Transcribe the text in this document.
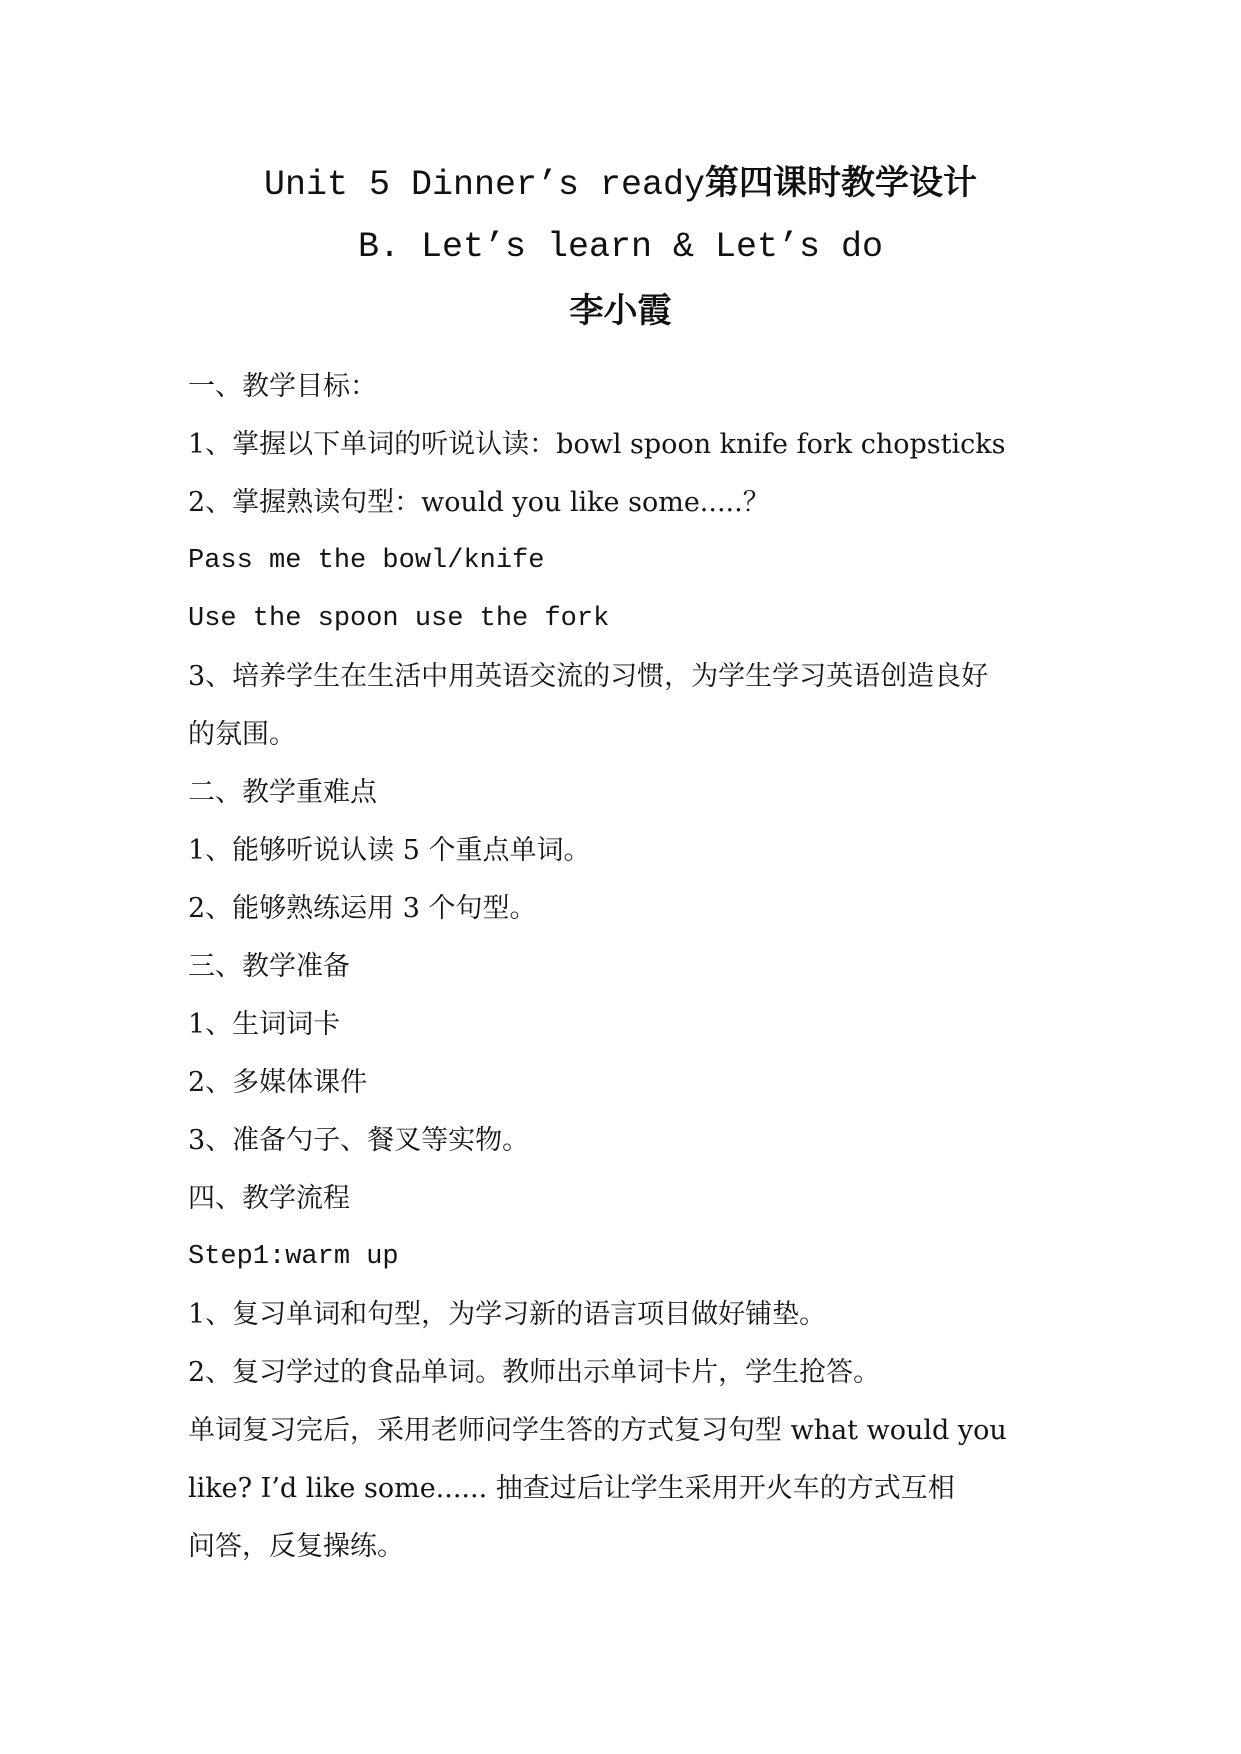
Unit 5 Dinner’s ready第四课时教学设计
B. Let’s learn & Let’s do
李小霞
一、教学目标：
1、掌握以下单词的听说认读：bowl spoon knife fork chopsticks
2、掌握熟读句型：would you like some.....？
Pass me the bowl/knife
Use the spoon use the fork
3、培养学生在生活中用英语交流的习惯，为学生学习英语创造良好
的氛围。
二、教学重难点
1、能够听说认读 5 个重点单词。
2、能够熟练运用 3 个句型。
三、教学准备
1、生词词卡
2、多媒体课件
3、准备勺子、餐叉等实物。
四、教学流程
Step1:warm up
1、复习单词和句型，为学习新的语言项目做好铺垫。
2、复习学过的食品单词。教师出示单词卡片，学生抢答。
单词复习完后，采用老师问学生答的方式复习句型 what would you
like? I’d like some...... 抽查过后让学生采用开火车的方式互相
问答，反复操练。
